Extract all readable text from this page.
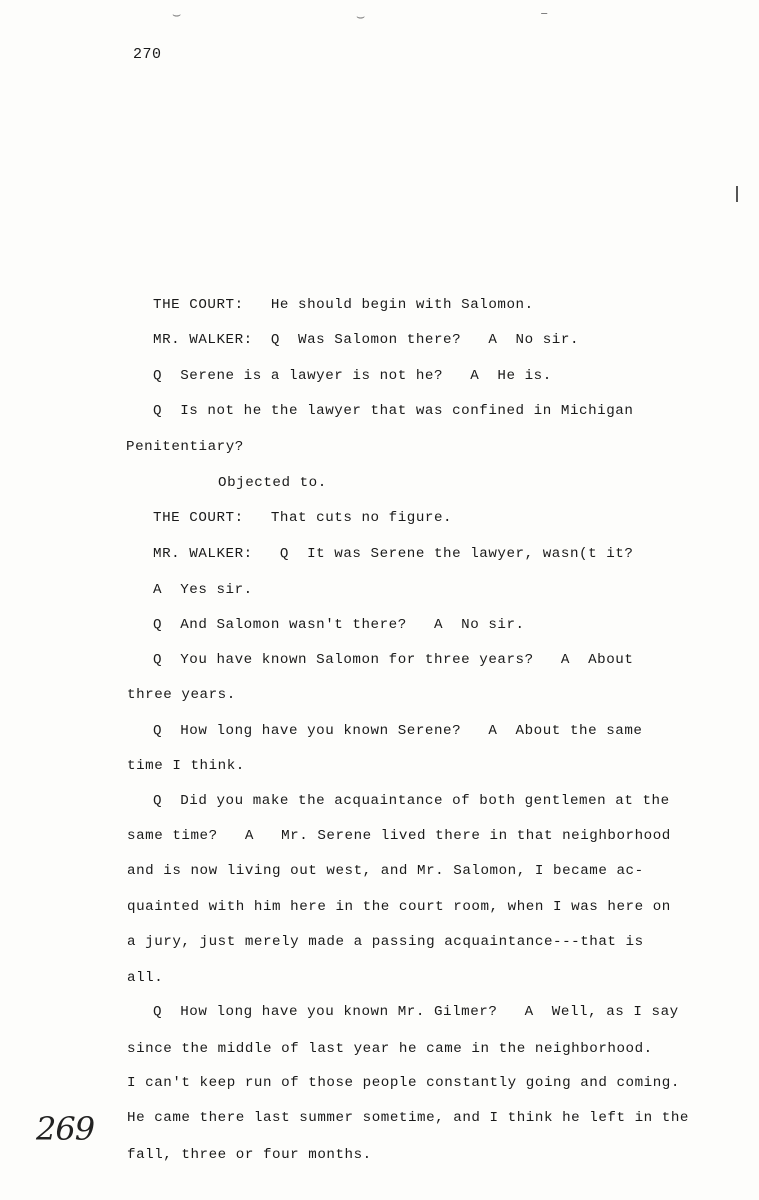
⌣	⌣	–
270
THE COURT:   He should begin with Salomon.
MR. WALKER:  Q  Was Salomon there?   A  No sir.
Q  Serene is a lawyer is not he?   A  He is.
Q  Is not he the lawyer that was confined in Michigan
Penitentiary?
Objected to.
THE COURT:   That cuts no figure.
MR. WALKER:   Q  It was Serene the lawyer, wasn(t it?
A  Yes sir.
Q  And Salomon wasn't there?   A  No sir.
Q  You have known Salomon for three years?   A  About
three years.
Q  How long have you known Serene?   A  About the same
time I think.
Q  Did you make the acquaintance of both gentlemen at the
same time?   A   Mr. Serene lived there in that neighborhood
and is now living out west, and Mr. Salomon, I became ac-
quainted with him here in the court room, when I was here on
a jury, just merely made a passing acquaintance---that is
all.
Q  How long have you known Mr. Gilmer?   A  Well, as I say
since the middle of last year he came in the neighborhood.
I can't keep run of those people constantly going and coming.
He came there last summer sometime, and I think he left in the
fall, three or four months.
269
